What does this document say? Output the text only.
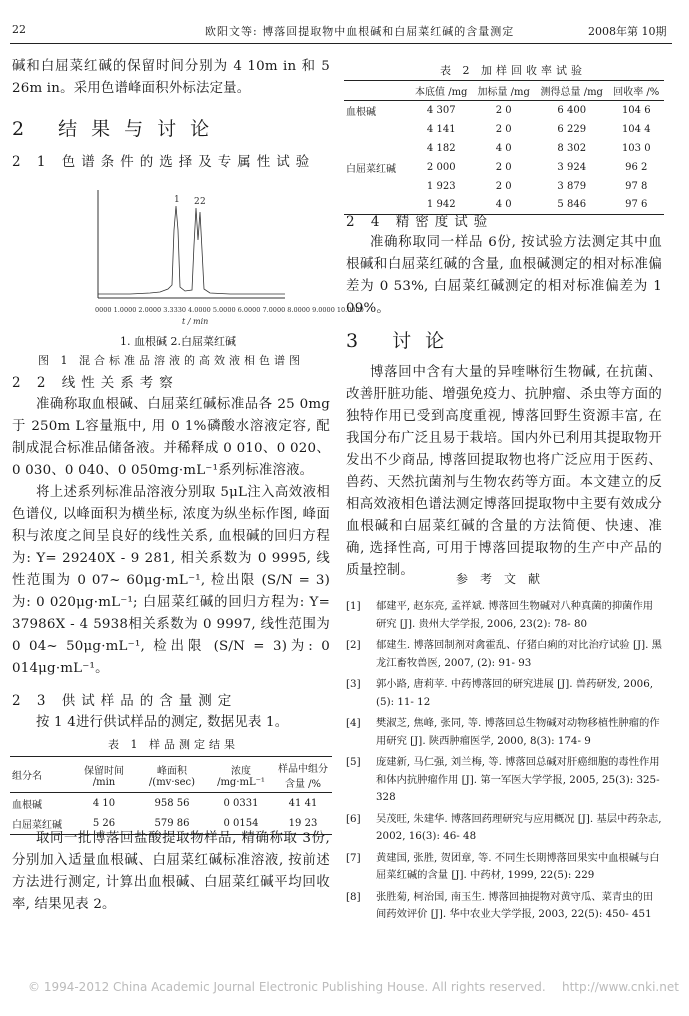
22	欧阳文等: 博落回提取物中血根碱和白屈菜红碱的含量测定	2008年第 10期
碱和白屈菜红碱的保留时间分别为 4 10m in 和 5 26m in。采用色谱峰面积外标法定量。
2 结果与讨论
2 1 色谱条件的选择及专属性试验
1 2 2
0000 1.0000 2.0000 3.3330 4.0000 5.0000 6.0000 7.0000 8.0000 9.0000 10.0000
t / min
1. 血根碱 2.白屈菜红碱
图 1 混合标准品溶液的高效液相色谱图
2 2 线性关系考察
准确称取血根碱、白屈菜红碱标准品各 25 0mg 于 250m L容量瓶中, 用 0 1%磷酸水溶液定容, 配制成混合标准品储备液。并稀释成 0 010、0 020、0 030、0 040、0 050mg·mL⁻¹系列标准溶液。
将上述系列标准品溶液分别取 5μL注入高效液相色谱仪, 以峰面积为横坐标, 浓度为纵坐标作图, 峰面积与浓度之间呈良好的线性关系, 血根碱的回归方程为: Y= 29240X - 9 281, 相关系数为 0 9995, 线性范围为 0 07~ 60μg·mL⁻¹, 检出限 (S/N = 3)为: 0 020μg·mL⁻¹; 白屈菜红碱的回归方程为: Y= 37986X - 4 5938相关系数为 0 9997, 线性范围为 0 04~ 50μg·mL⁻¹, 检出限 (S/N = 3)为: 0 014μg·mL⁻¹。
2 3 供试样品的含量测定
按 1 4进行供试样品的测定, 数据见表 1。
表 1 样品测定结果
组分名	保留时间 /min	峰面积 /(mv·sec)	浓度 /mg·mL⁻¹	样品中组分含量 /%
血根碱	4 10	958 56	0 0331	41 41
白屈菜红碱	5 26	579 86	0 0154	19 23
取同一批博落回盐酸提取物样品, 精确称取 3份, 分别加入适量血根碱、白屈菜红碱标准溶液, 按前述方法进行测定, 计算出血根碱、白屈菜红碱平均回收率, 结果见表 2。
表 2 加样回收率试验
	本底值 /mg	加标量 /mg	测得总量 /mg	回收率 /%
血根碱	4 307	2 0	6 400	104 6
	4 141	2 0	6 229	104 4
	4 182	4 0	8 302	103 0
白屈菜红碱	2 000	2 0	3 924	96 2
	1 923	2 0	3 879	97 8
	1 942	4 0	5 846	97 6
2 4 精密度试验
准确称取同一样品 6份, 按试验方法测定其中血根碱和白屈菜红碱的含量, 血根碱测定的相对标准偏差为 0 53%, 白屈菜红碱测定的相对标准偏差为 1 09%。
3 讨论
博落回中含有大量的异喹啉衍生物碱, 在抗菌、改善肝脏功能、增强免疫力、抗肿瘤、杀虫等方面的独特作用已受到高度重视, 博落回野生资源丰富, 在我国分布广泛且易于栽培。国内外已利用其提取物开发出不少商品, 博落回提取物也将广泛应用于医药、兽药、天然抗菌剂与生物农药等方面。本文建立的反相高效液相色谱法测定博落回提取物中主要有效成分血根碱和白屈菜红碱的含量的方法简便、快速、准确, 选择性高, 可用于博落回提取物的生产中产品的质量控制。
参考文献
[1]	郁建平, 赵东亮, 孟祥斌. 博落回生物碱对八种真菌的抑菌作用研究 [J]. 贵州大学学报, 2006, 23(2): 78- 80
[2]	郁建生. 博落回制剂对禽霍乱、仔猪白痢的对比治疗试验 [J]. 黑龙江畜牧兽医, 2007, (2): 91- 93
[3]	郭小路, 唐莉苹. 中药博落回的研究进展 [J]. 兽药研发, 2006, (5): 11- 12
[4]	樊淑芝, 焦峰, 张同, 等. 博落回总生物碱对动物移植性肿瘤的作用研究 [J]. 陕西肿瘤医学, 2000, 8(3): 174- 9
[5]	庞建新, 马仁强, 刘兰梅, 等. 博落回总碱对肝癌细胞的毒性作用和体内抗肿瘤作用 [J]. 第一军医大学学报, 2005, 25(3): 325- 328
[6]	吴茂旺, 朱建华. 博落回药理研究与应用概况 [J]. 基层中药杂志, 2002, 16(3): 46- 48
[7]	黄建国, 张胜, 贺团章, 等. 不同生长期博落回果实中血根碱与白屈菜红碱的含量 [J]. 中药材, 1999, 22(5): 229
[8]	张胜菊, 柯治国, 南玉生. 博落回抽提物对黄守瓜、菜青虫的田间药效评价 [J]. 华中农业大学学报, 2003, 22(5): 450- 451
© 1994-2012 China Academic Journal Electronic Publishing House. All rights reserved. http://www.cnki.net
